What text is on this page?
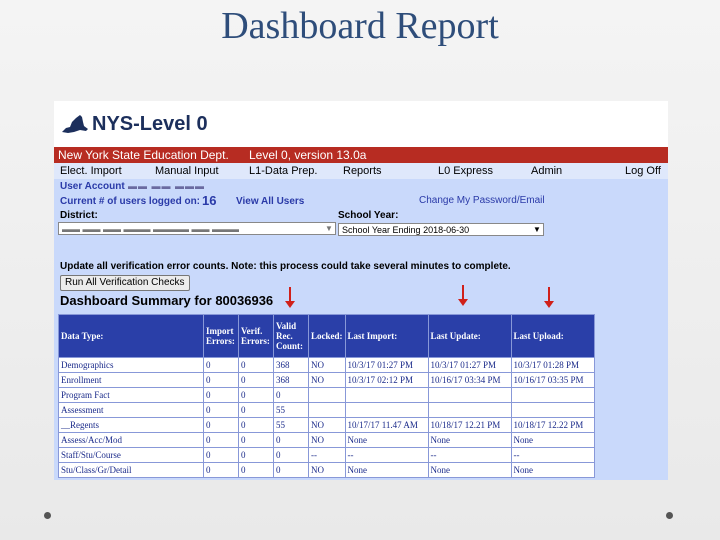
Dashboard Report
NYS-Level 0
New York State Education Dept. Level 0, version 13.0a
Elect. Import	Manual Input	L1-Data Prep. Reports	L0 Express	Admin	Log Off
User Account ▬▬ ▬▬ ▬▬▬
Current # of users logged on: 16 View All Users	Change My Password/Email
District:	School Year:
▬▬ ▬▬ ▬▬ ▬▬▬ ▬▬▬▬ ▬▬ ▬▬▬	▼	School Year Ending 2018-06-30	▼
Update all verification error counts. Note: this process could take several minutes to complete.
Run All Verification Checks
Dashboard Summary for 80036936
Data Type:	Import Errors:	Verif. Errors:	Valid Rec. Count:	Locked:	Last Import:	Last Update:	Last Upload:
Demographics	0	0	368	NO	10/3/17 01:27 PM	10/3/17 01:27 PM	10/3/17 01:28 PM
Enrollment	0	0	368	NO	10/3/17 02:12 PM	10/16/17 03:34 PM	10/16/17 03:35 PM
Program Fact	0	0	0				
Assessment	0	0	55				
__Regents	0	0	55	NO	10/17/17 11.47 AM	10/18/17 12.21 PM	10/18/17 12.22 PM
Assess/Acc/Mod	0	0	0	NO	None	None	None
Staff/Stu/Course	0	0	0	--	--	--	--
Stu/Class/Gr/Detail	0	0	0	NO	None	None	None
